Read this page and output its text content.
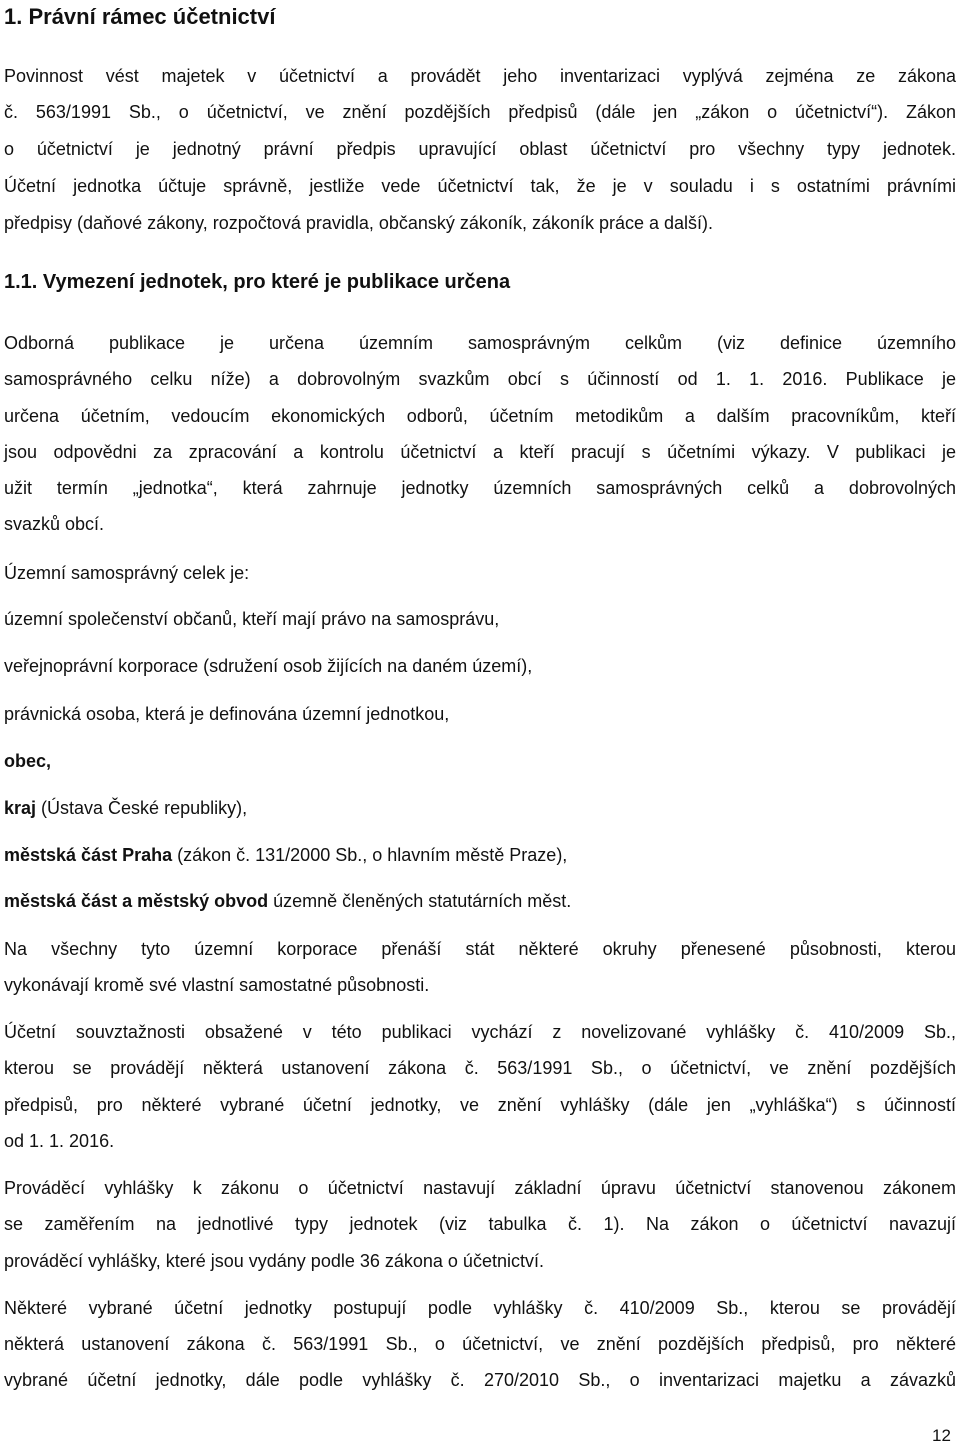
1. Právní rámec účetnictví
Povinnost vést majetek v účetnictví a provádět jeho inventarizaci vyplývá zejména ze zákona
č. 563/1991 Sb., o účetnictví, ve znění pozdějších předpisů (dále jen „zákon o účetnictví“). Zákon
o účetnictví je jednotný právní předpis upravující oblast účetnictví pro všechny typy jednotek.
Účetní jednotka účtuje správně, jestliže vede účetnictví tak, že je v souladu i s ostatními právními
předpisy (daňové zákony, rozpočtová pravidla, občanský zákoník, zákoník práce a další).
1.1. Vymezení jednotek, pro které je publikace určena
Odborná publikace je určena územním samosprávným celkům (viz definice územního
samosprávného celku níže) a dobrovolným svazkům obcí s účinností od 1. 1. 2016. Publikace je
určena účetním, vedoucím ekonomických odborů, účetním metodikům a dalším pracovníkům, kteří
jsou odpovědni za zpracování a kontrolu účetnictví a kteří pracují s účetními výkazy. V publikaci je
užit termín „jednotka“, která zahrnuje jednotky územních samosprávných celků a dobrovolných
svazků obcí.
Územní samosprávný celek je:
územní společenství občanů, kteří mají právo na samosprávu,
veřejnoprávní korporace (sdružení osob žijících na daném území),
právnická osoba, která je definována územní jednotkou,
obec,
kraj (Ústava České republiky),
městská část Praha (zákon č. 131/2000 Sb., o hlavním městě Praze),
městská část a městský obvod územně členěných statutárních měst.
Na všechny tyto územní korporace přenáší stát některé okruhy přenesené působnosti, kterou
vykonávají kromě své vlastní samostatné působnosti.
Účetní souvztažnosti obsažené v této publikaci vychází z novelizované vyhlášky č. 410/2009 Sb.,
kterou se provádějí některá ustanovení zákona č. 563/1991 Sb., o účetnictví, ve znění pozdějších
předpisů, pro některé vybrané účetní jednotky, ve znění vyhlášky (dále jen „vyhláška“) s účinností
od 1. 1. 2016.
Prováděcí vyhlášky k zákonu o účetnictví nastavují základní úpravu účetnictví stanovenou zákonem
se zaměřením na jednotlivé typy jednotek (viz tabulka č. 1). Na zákon o účetnictví navazují
prováděcí vyhlášky, které jsou vydány podle 36 zákona o účetnictví.
Některé vybrané účetní jednotky postupují podle vyhlášky č. 410/2009 Sb., kterou se provádějí
některá ustanovení zákona č. 563/1991 Sb., o účetnictví, ve znění pozdějších předpisů, pro některé
vybrané účetní jednotky, dále podle vyhlášky č. 270/2010 Sb., o inventarizaci majetku a závazků
12
